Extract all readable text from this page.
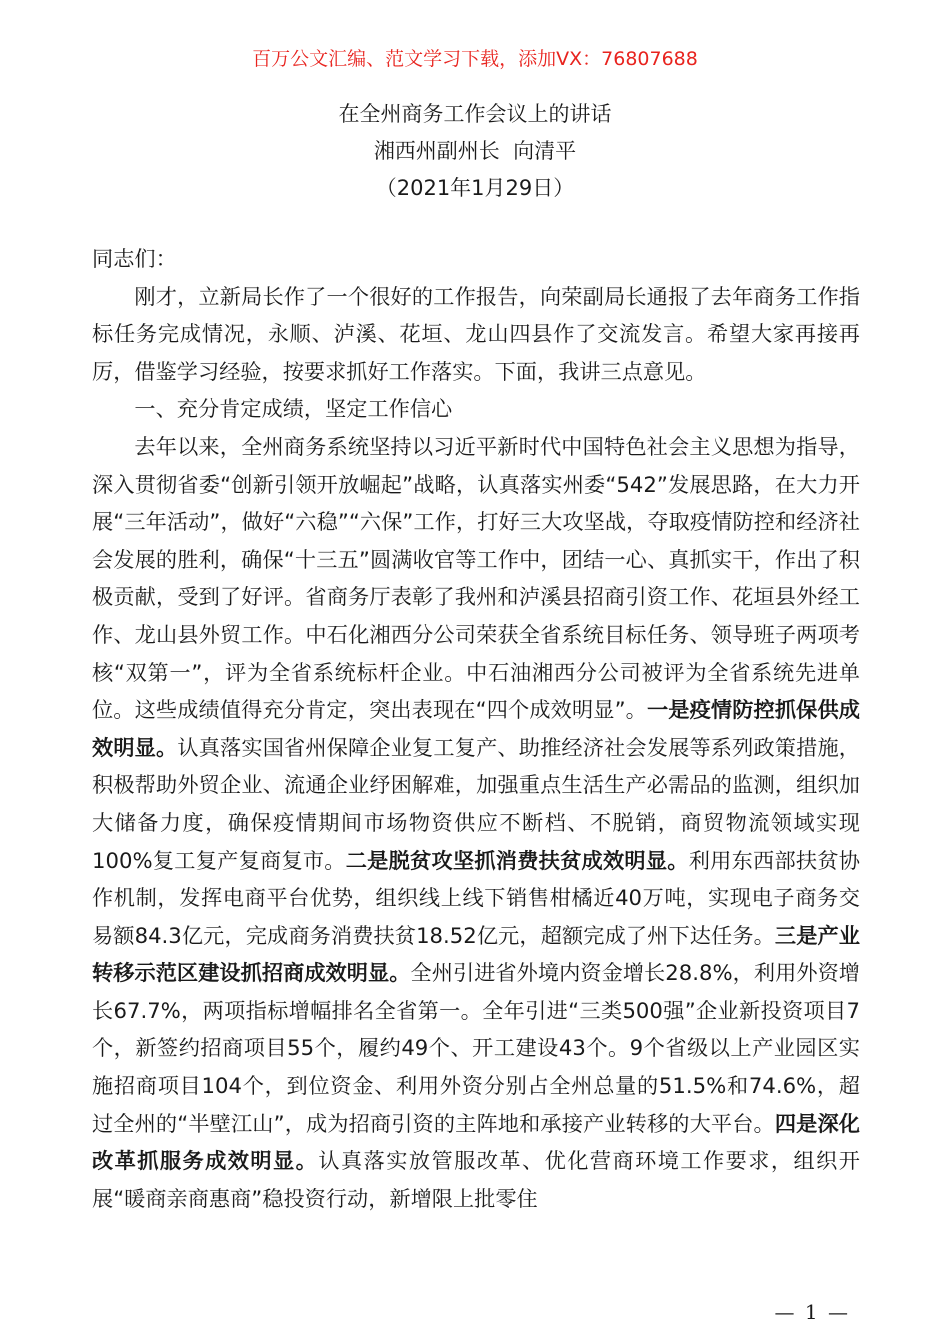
百万公文汇编、范文学习下载，添加VX：76807688
在全州商务工作会议上的讲话
湘西州副州长  向清平
（2021年1月29日）

同志们：

刚才，立新局长作了一个很好的工作报告，向荣副局长通报了去年商务工作指标任务完成情况，永顺、泸溪、花垣、龙山四县作了交流发言。希望大家再接再厉，借鉴学习经验，按要求抓好工作落实。下面，我讲三点意见。

一、充分肯定成绩，坚定工作信心

去年以来，全州商务系统坚持以习近平新时代中国特色社会主义思想为指导，深入贯彻省委“创新引领开放崛起”战略，认真落实州委“542”发展思路，在大力开展“三年活动”，做好“六稳”“六保”工作，打好三大攻坚战，夺取疫情防控和经济社会发展的胜利，确保“十三五”圆满收官等工作中，团结一心、真抓实干，作出了积极贡献，受到了好评。省商务厅表彰了我州和泸溪县招商引资工作、花垣县外经工作、龙山县外贸工作。中石化湘西分公司荣获全省系统目标任务、领导班子两项考核“双第一”，评为全省系统标杆企业。中石油湘西分公司被评为全省系统先进单位。这些成绩值得充分肯定，突出表现在“四个成效明显”。一是疫情防控抓保供成效明显。认真落实国省州保障企业复工复产、助推经济社会发展等系列政策措施，积极帮助外贸企业、流通企业纾困解难，加强重点生活生产必需品的监测，组织加大储备力度，确保疫情期间市场物资供应不断档、不脱销，商贸物流领域实现100%复工复产复商复市。二是脱贫攻坚抓消费扶贫成效明显。利用东西部扶贫协作机制，发挥电商平台优势，组织线上线下销售柑橘近40万吨，实现电子商务交易额84.3亿元，完成商务消费扶贫18.52亿元，超额完成了州下达任务。三是产业转移示范区建设抓招商成效明显。全州引进省外境内资金增长28.8%，利用外资增长67.7%，两项指标增幅排名全省第一。全年引进“三类500强”企业新投资项目7个，新签约招商项目55个，履约49个、开工建设43个。9个省级以上产业园区实施招商项目104个，到位资金、利用外资分别占全州总量的51.5%和74.6%，超过全州的“半壁江山”，成为招商引资的主阵地和承接产业转移的大平台。四是深化改革抓服务成效明显。认真落实放管服改革、优化营商环境工作要求，组织开展“暖商亲商惠商”稳投资行动，新增限上批零住

— 1 —
